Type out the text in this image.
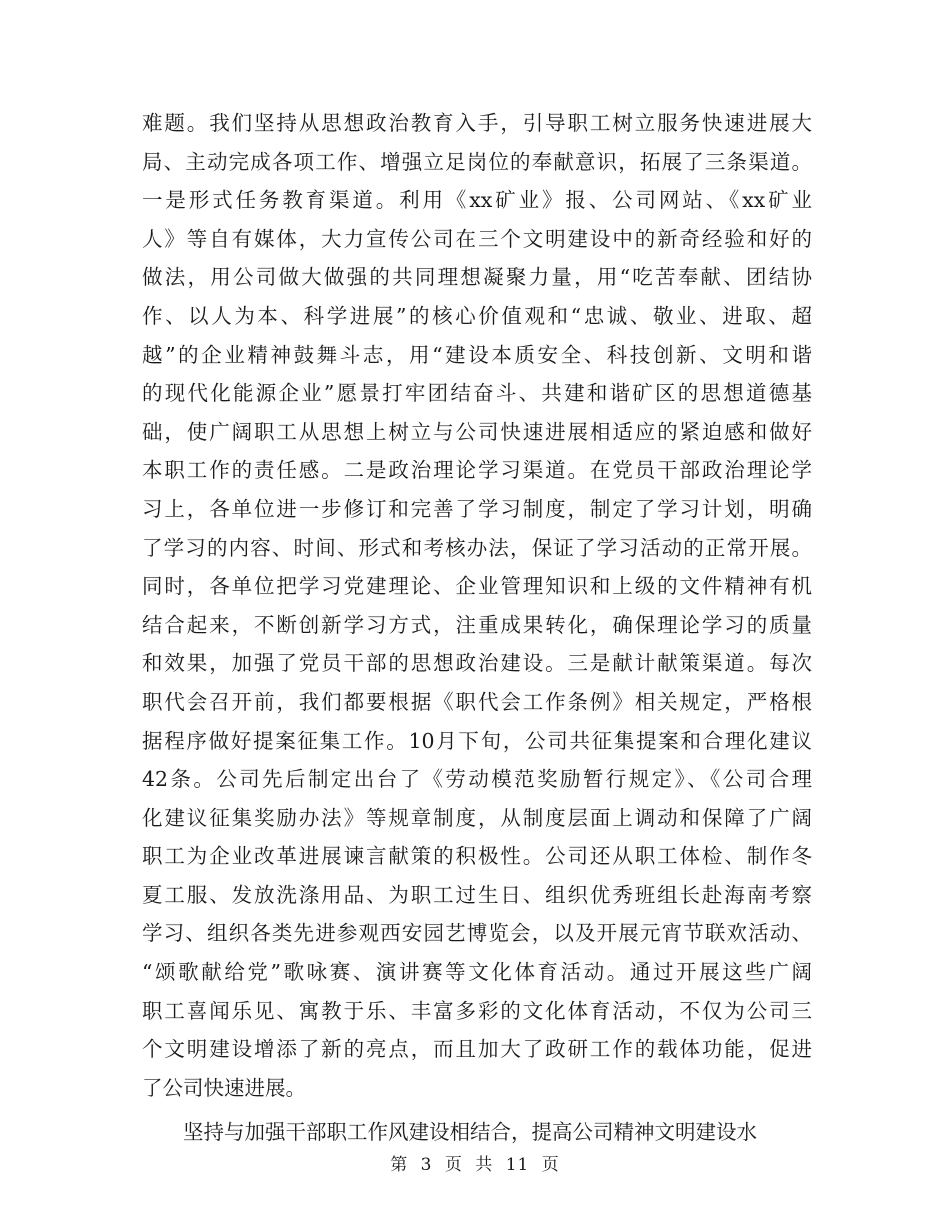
难题。我们坚持从思想政治教育入手，引导职工树立服务快速进展大
局、主动完成各项工作、增强立足岗位的奉献意识，拓展了三条渠道。
一是形式任务教育渠道。利用《xx矿业》报、公司网站、《xx矿业
人》等自有媒体，大力宣传公司在三个文明建设中的新奇经验和好的
做法，用公司做大做强的共同理想凝聚力量，用“吃苦奉献、团结协
作、以人为本、科学进展”的核心价值观和“忠诚、敬业、进取、超
越”的企业精神鼓舞斗志，用“建设本质安全、科技创新、文明和谐
的现代化能源企业”愿景打牢团结奋斗、共建和谐矿区的思想道德基
础，使广阔职工从思想上树立与公司快速进展相适应的紧迫感和做好
本职工作的责任感。二是政治理论学习渠道。在党员干部政治理论学
习上，各单位进一步修订和完善了学习制度，制定了学习计划，明确
了学习的内容、时间、形式和考核办法，保证了学习活动的正常开展。
同时，各单位把学习党建理论、企业管理知识和上级的文件精神有机
结合起来，不断创新学习方式，注重成果转化，确保理论学习的质量
和效果，加强了党员干部的思想政治建设。三是献计献策渠道。每次
职代会召开前，我们都要根据《职代会工作条例》相关规定，严格根
据程序做好提案征集工作。10月下旬，公司共征集提案和合理化建议
42条。公司先后制定出台了《劳动模范奖励暂行规定》、《公司合理
化建议征集奖励办法》等规章制度，从制度层面上调动和保障了广阔
职工为企业改革进展谏言献策的积极性。公司还从职工体检、制作冬
夏工服、发放洗涤用品、为职工过生日、组织优秀班组长赴海南考察
学习、组织各类先进参观西安园艺博览会，以及开展元宵节联欢活动、
“颂歌献给党”歌咏赛、演讲赛等文化体育活动。通过开展这些广阔
职工喜闻乐见、寓教于乐、丰富多彩的文化体育活动，不仅为公司三
个文明建设增添了新的亮点，而且加大了政研工作的载体功能，促进
了公司快速进展。
坚持与加强干部职工作风建设相结合，提高公司精神文明建设水
第 3 页 共 11 页
